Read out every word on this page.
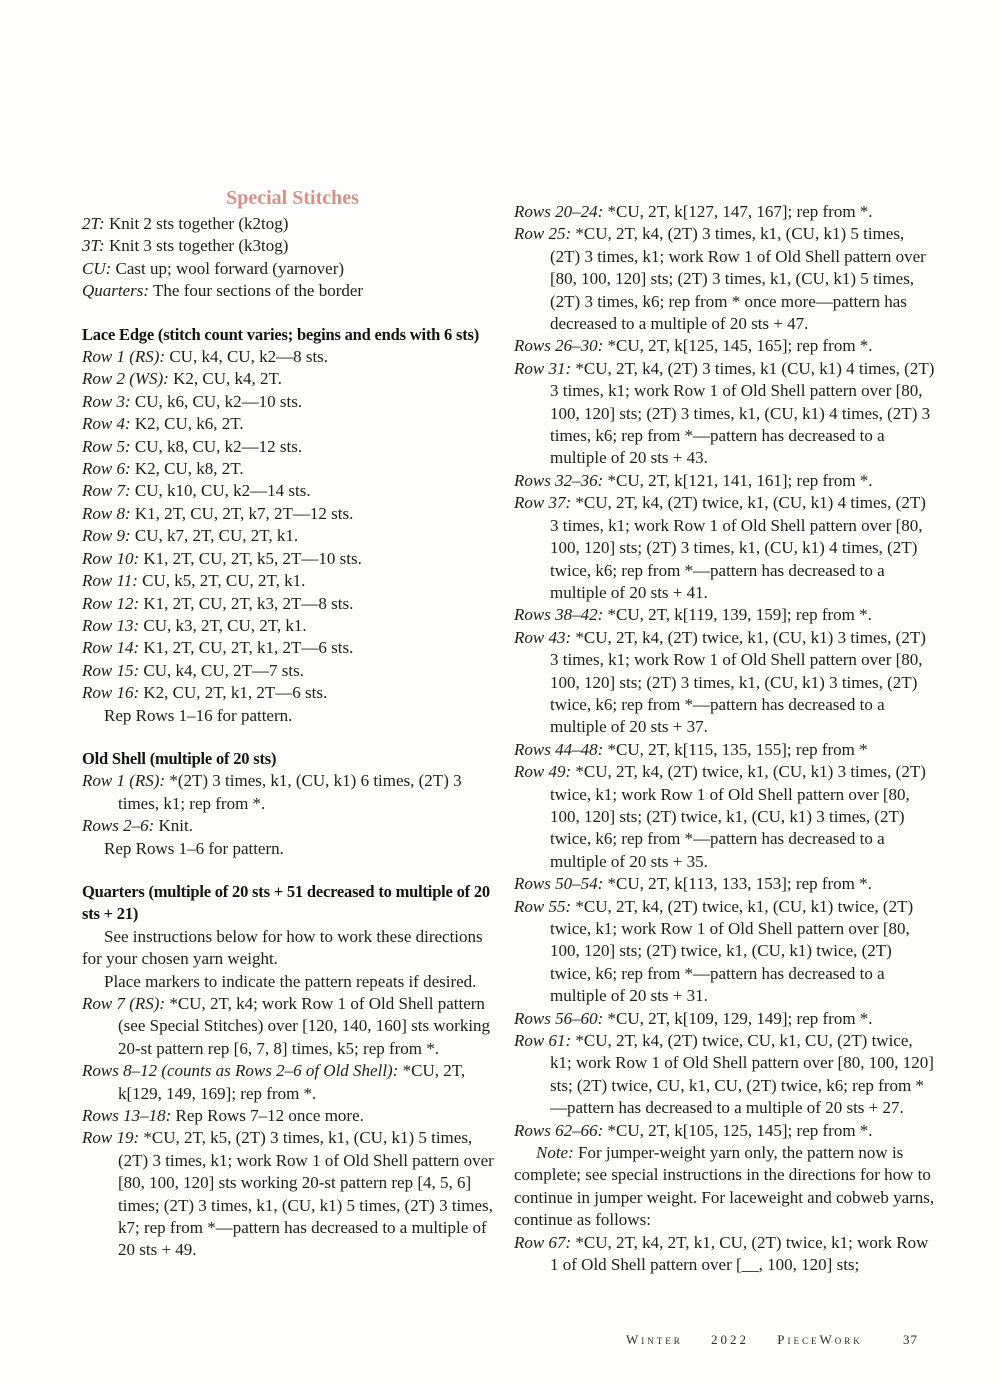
Special Stitches

2T: Knit 2 sts together (k2tog)

3T: Knit 3 sts together (k3tog)

CU: Cast up; wool forward (yarnover)

Quarters: The four sections of the border

Lace Edge (stitch count varies; begins and ends with 6 sts)

Row 1 (RS): CU, k4, CU, k2—8 sts.

Row 2 (WS): K2, CU, k4, 2T.

Row 3: CU, k6, CU, k2—10 sts.

Row 4: K2, CU, k6, 2T.

Row 5: CU, k8, CU, k2—12 sts.

Row 6: K2, CU, k8, 2T.

Row 7: CU, k10, CU, k2—14 sts.

Row 8: K1, 2T, CU, 2T, k7, 2T—12 sts.

Row 9: CU, k7, 2T, CU, 2T, k1.

Row 10: K1, 2T, CU, 2T, k5, 2T—10 sts.

Row 11: CU, k5, 2T, CU, 2T, k1.

Row 12: K1, 2T, CU, 2T, k3, 2T—8 sts.

Row 13: CU, k3, 2T, CU, 2T, k1.

Row 14: K1, 2T, CU, 2T, k1, 2T—6 sts.

Row 15: CU, k4, CU, 2T—7 sts.

Row 16: K2, CU, 2T, k1, 2T—6 sts.

Rep Rows 1–16 for pattern.

Old Shell (multiple of 20 sts)

Row 1 (RS): *(2T) 3 times, k1, (CU, k1) 6 times, (2T) 3 times, k1; rep from *.

Rows 2–6: Knit.

Rep Rows 1–6 for pattern.

Quarters (multiple of 20 sts + 51 decreased to multiple of 20 sts + 21)

See instructions below for how to work these directions for your chosen yarn weight.

Place markers to indicate the pattern repeats if desired.

Row 7 (RS): *CU, 2T, k4; work Row 1 of Old Shell pattern (see Special Stitches) over [120, 140, 160] sts working 20-st pattern rep [6, 7, 8] times, k5; rep from *.

Rows 8–12 (counts as Rows 2–6 of Old Shell): *CU, 2T, k[129, 149, 169]; rep from *.

Rows 13–18: Rep Rows 7–12 once more.

Row 19: *CU, 2T, k5, (2T) 3 times, k1, (CU, k1) 5 times, (2T) 3 times, k1; work Row 1 of Old Shell pattern over [80, 100, 120] sts working 20-st pattern rep [4, 5, 6] times; (2T) 3 times, k1, (CU, k1) 5 times, (2T) 3 times, k7; rep from *—pattern has decreased to a multiple of 20 sts + 49.

Rows 20–24: *CU, 2T, k[127, 147, 167]; rep from *.

Row 25: *CU, 2T, k4, (2T) 3 times, k1, (CU, k1) 5 times, (2T) 3 times, k1; work Row 1 of Old Shell pattern over [80, 100, 120] sts; (2T) 3 times, k1, (CU, k1) 5 times, (2T) 3 times, k6; rep from * once more—pattern has decreased to a multiple of 20 sts + 47.

Rows 26–30: *CU, 2T, k[125, 145, 165]; rep from *.

Row 31: *CU, 2T, k4, (2T) 3 times, k1 (CU, k1) 4 times, (2T) 3 times, k1; work Row 1 of Old Shell pattern over [80, 100, 120] sts; (2T) 3 times, k1, (CU, k1) 4 times, (2T) 3 times, k6; rep from *—pattern has decreased to a multiple of 20 sts + 43.

Rows 32–36: *CU, 2T, k[121, 141, 161]; rep from *.

Row 37: *CU, 2T, k4, (2T) twice, k1, (CU, k1) 4 times, (2T) 3 times, k1; work Row 1 of Old Shell pattern over [80, 100, 120] sts; (2T) 3 times, k1, (CU, k1) 4 times, (2T) twice, k6; rep from *—pattern has decreased to a multiple of 20 sts + 41.

Rows 38–42: *CU, 2T, k[119, 139, 159]; rep from *.

Row 43: *CU, 2T, k4, (2T) twice, k1, (CU, k1) 3 times, (2T) 3 times, k1; work Row 1 of Old Shell pattern over [80, 100, 120] sts; (2T) 3 times, k1, (CU, k1) 3 times, (2T) twice, k6; rep from *—pattern has decreased to a multiple of 20 sts + 37.

Rows 44–48: *CU, 2T, k[115, 135, 155]; rep from *

Row 49: *CU, 2T, k4, (2T) twice, k1, (CU, k1) 3 times, (2T) twice, k1; work Row 1 of Old Shell pattern over [80, 100, 120] sts; (2T) twice, k1, (CU, k1) 3 times, (2T) twice, k6; rep from *—pattern has decreased to a multiple of 20 sts + 35.

Rows 50–54: *CU, 2T, k[113, 133, 153]; rep from *.

Row 55: *CU, 2T, k4, (2T) twice, k1, (CU, k1) twice, (2T) twice, k1; work Row 1 of Old Shell pattern over [80, 100, 120] sts; (2T) twice, k1, (CU, k1) twice, (2T) twice, k6; rep from *—pattern has decreased to a multiple of 20 sts + 31.

Rows 56–60: *CU, 2T, k[109, 129, 149]; rep from *.

Row 61: *CU, 2T, k4, (2T) twice, CU, k1, CU, (2T) twice, k1; work Row 1 of Old Shell pattern over [80, 100, 120] sts; (2T) twice, CU, k1, CU, (2T) twice, k6; rep from *—pattern has decreased to a multiple of 20 sts + 27.

Rows 62–66: *CU, 2T, k[105, 125, 145]; rep from *.

Note: For jumper-weight yarn only, the pattern now is complete; see special instructions in the directions for how to continue in jumper weight. For laceweight and cobweb yarns, continue as follows:

Row 67: *CU, 2T, k4, 2T, k1, CU, (2T) twice, k1; work Row 1 of Old Shell pattern over [__, 100, 120] sts;

Winter 2022 PieceWork	37
